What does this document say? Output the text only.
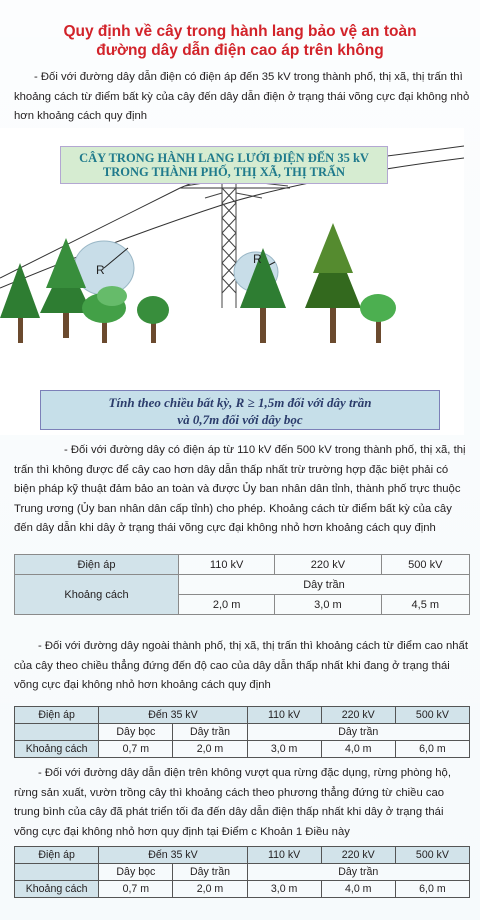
Quy định về cây trong hành lang bảo vệ an toàn
đường dây dẫn điện cao áp trên không
- Đối với đường dây dẫn điện có điện áp đến 35 kV trong thành phố, thị xã, thị trấn thì khoảng cách từ điểm bất kỳ của cây đến dây dẫn điện ở trạng thái võng cực đại không nhỏ hơn khoảng cách quy định
R
R
CÂY TRONG HÀNH LANG LƯỚI ĐIỆN ĐẾN 35 kV
TRONG THÀNH PHỐ, THỊ XÃ, THỊ TRẤN
Tính theo chiều bất kỳ, R ≥ 1,5m đối với dây trần
và 0,7m đối với dây bọc
- Đối với đường dây có điện áp từ 110 kV đến 500 kV trong thành phố, thị xã, thị trấn thì không được để cây cao hơn dây dẫn thấp nhất trừ trường hợp đặc biệt phải có biện pháp kỹ thuật đảm bảo an toàn và được Ủy ban nhân dân tỉnh, thành phố trực thuộc Trung ương (Ủy ban nhân dân cấp tỉnh) cho phép. Khoảng cách từ điểm bất kỳ của cây đến dây dẫn khi dây ở trạng thái võng cực đại không nhỏ hơn khoảng cách quy định
Điện áp	110 kV	220 kV	500 kV
Khoảng cách	Dây trần		
	2,0 m	3,0 m	4,5 m
- Đối với đường dây ngoài thành phố, thị xã, thị trấn thì khoảng cách từ điểm cao nhất của cây theo chiều thẳng đứng đến độ cao của dây dẫn thấp nhất khi đang ở trạng thái võng cực đại không nhỏ hơn khoảng cách quy định
Điện áp	Đến 35 kV		110 kV	220 kV	500 kV
	Dây bọc	Dây trần	Dây trần		
Khoảng cách	0,7 m	2,0 m	3,0 m	4,0 m	6,0 m
- Đối với đường dây dẫn điện trên không vượt qua rừng đặc dụng, rừng phòng hộ, rừng sản xuất, vườn trồng cây thì khoảng cách theo phương thẳng đứng từ chiều cao trung bình của cây đã phát triển tối đa đến dây dẫn điện thấp nhất khi dây ở trạng thái võng cực đại không nhỏ hơn quy định tại Điểm c Khoản 1 Điều này
Điện áp	Đến 35 kV		110 kV	220 kV	500 kV
	Dây bọc	Dây trần	Dây trần		
Khoảng cách	0,7 m	2,0 m	3,0 m	4,0 m	6,0 m
